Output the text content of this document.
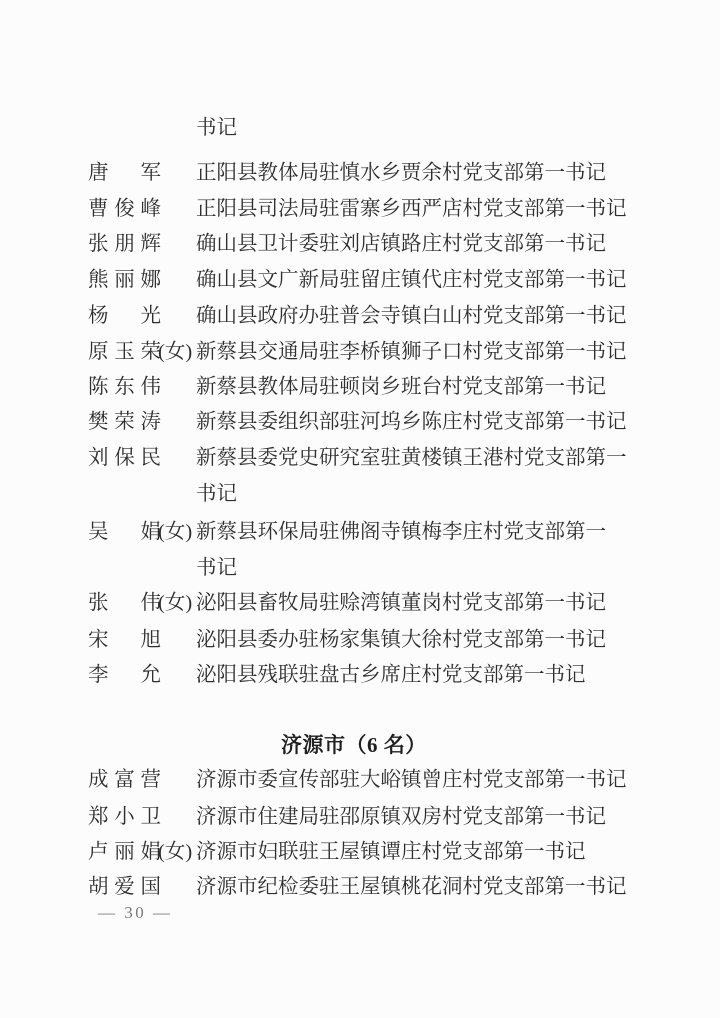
书记
唐　军 正阳县教体局驻慎水乡贾余村党支部第一书记
曹俊峰 正阳县司法局驻雷寨乡西严店村党支部第一书记
张朋辉 确山县卫计委驻刘店镇路庄村党支部第一书记
熊丽娜 确山县文广新局驻留庄镇代庄村党支部第一书记
杨　光 确山县政府办驻普会寺镇白山村党支部第一书记
原玉荣
(女) 新蔡县交通局驻李桥镇狮子口村党支部第一书记
陈东伟 新蔡县教体局驻顿岗乡班台村党支部第一书记
樊荣涛 新蔡县委组织部驻河坞乡陈庄村党支部第一书记
刘保民 新蔡县委党史研究室驻黄楼镇王港村党支部第一
书记
吴　娟
(女) 新蔡县环保局驻佛阁寺镇梅李庄村党支部第一
书记
张　伟
(女) 泌阳县畜牧局驻赊湾镇董岗村党支部第一书记
宋　旭 泌阳县委办驻杨家集镇大徐村党支部第一书记
李　允 泌阳县残联驻盘古乡席庄村党支部第一书记
济源市（6 名）
成富营 济源市委宣传部驻大峪镇曾庄村党支部第一书记
郑小卫 济源市住建局驻邵原镇双房村党支部第一书记
卢丽娟
(女) 济源市妇联驻王屋镇谭庄村党支部第一书记
胡爱国 济源市纪检委驻王屋镇桃花洞村党支部第一书记
— 30 —
